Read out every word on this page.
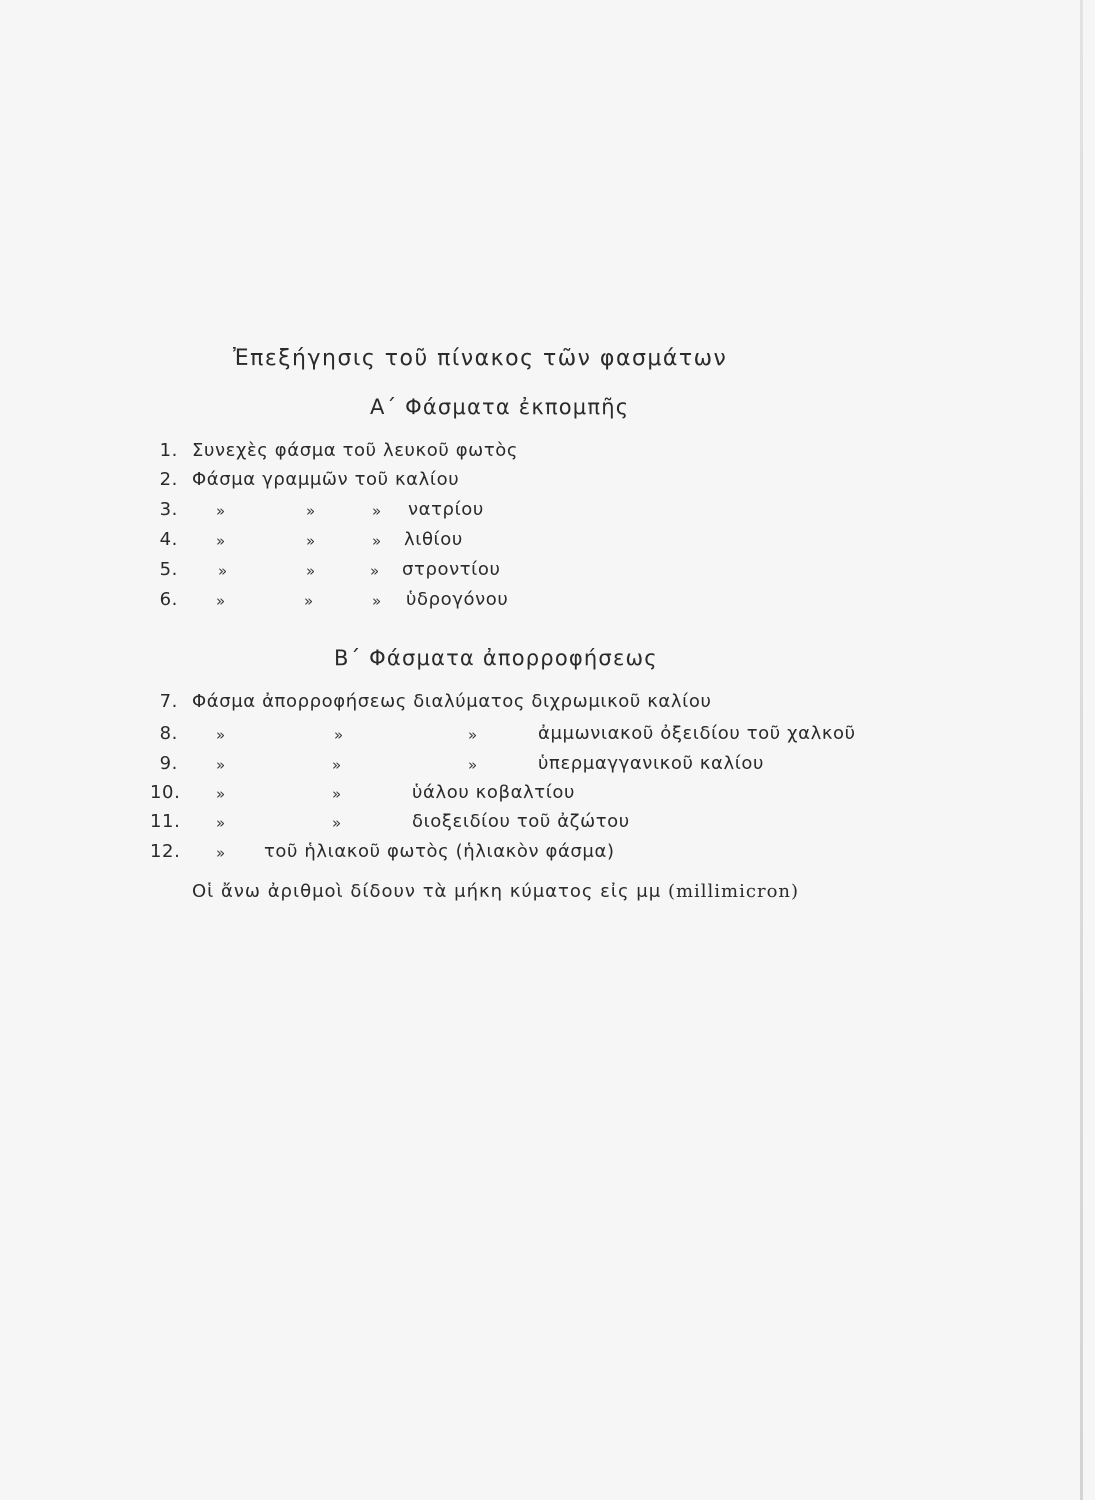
Ἐπεξήγησις τοῦ πίνακος τῶν φασμάτων
Α΄ Φάσματα ἐκπομπῆς
1. Συνεχὲς φάσμα τοῦ λευκοῦ φωτὸς
2. Φάσμα γραμμῶν τοῦ καλίου
3.	»	»	» νατρίου
4.	»	»	» λιθίου
5.	»	»	» στροντίου
6.	»	»	» ὑδρογόνου
Β΄ Φάσματα ἀπορροφήσεως
7. Φάσμα ἀπορροφήσεως διαλύματος διχρωμικοῦ καλίου
8.	»	»	»	ἀμμωνιακοῦ ὀξειδίου τοῦ χαλκοῦ
9.	»	»	»	ὑπερμαγγανικοῦ καλίου
10. »	»	ὑάλου κοβαλτίου
11. »	»	διοξειδίου τοῦ ἀζώτου
12. » τοῦ ἡλιακοῦ φωτὸς (ἡλιακὸν φάσμα)
Οἱ ἄνω ἀριθμοὶ δίδουν τὰ μήκη κύματος εἰς μμ (millimicron)
